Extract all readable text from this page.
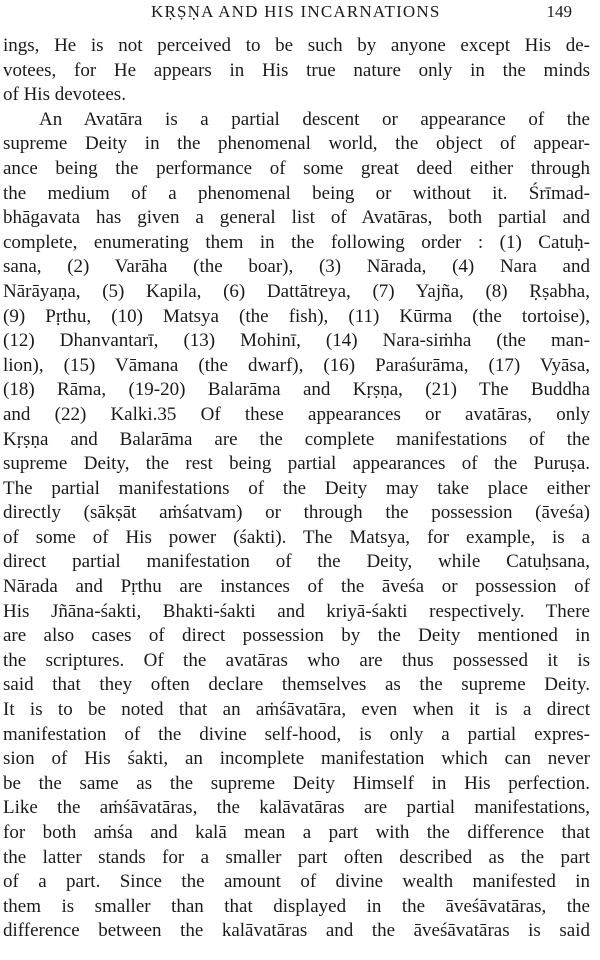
KṚṢṆA AND HIS INCARNATIONS	149

ings, He is not perceived to be such by anyone except His de-
votees, for He appears in His true nature only in the minds
of His devotees.

An Avatāra is a partial descent or appearance of the
supreme Deity in the phenomenal world, the object of appear-
ance being the performance of some great deed either through
the medium of a phenomenal being or without it. Śrīmad-
bhāgavata has given a general list of Avatāras, both partial and
complete, enumerating them in the following order : (1) Catuḥ-
sana, (2) Varāha (the boar), (3) Nārada, (4) Nara and
Nārāyaṇa, (5) Kapila, (6) Dattātreya, (7) Yajña, (8) Ṛṣabha,
(9) Pṛthu, (10) Matsya (the fish), (11) Kūrma (the tortoise),
(12) Dhanvantarī, (13) Mohinī, (14) Nara-siṁha (the man-
lion), (15) Vāmana (the dwarf), (16) Paraśurāma, (17) Vyāsa,
(18) Rāma, (19-20) Balarāma and Kṛṣṇa, (21) The Buddha
and (22) Kalki.35 Of these appearances or avatāras, only
Kṛṣṇa and Balarāma are the complete manifestations of the
supreme Deity, the rest being partial appearances of the Puruṣa.
The partial manifestations of the Deity may take place either
directly (sākṣāt aṁśatvam) or through the possession (āveśa)
of some of His power (śakti). The Matsya, for example, is a
direct partial manifestation of the Deity, while Catuḥsana,
Nārada and Pṛthu are instances of the āveśa or possession of
His Jñāna-śakti, Bhakti-śakti and kriyā-śakti respectively. There
are also cases of direct possession by the Deity mentioned in
the scriptures. Of the avatāras who are thus possessed it is
said that they often declare themselves as the supreme Deity.
It is to be noted that an aṁśāvatāra, even when it is a direct
manifestation of the divine self-hood, is only a partial expres-
sion of His śakti, an incomplete manifestation which can never
be the same as the supreme Deity Himself in His perfection.
Like the aṁśāvatāras, the kalāvatāras are partial manifestations,
for both aṁśa and kalā mean a part with the difference that
the latter stands for a smaller part often described as the part
of a part. Since the amount of divine wealth manifested in
them is smaller than that displayed in the āveśāvatāras, the
difference between the kalāvatāras and the āveśāvatāras is said
